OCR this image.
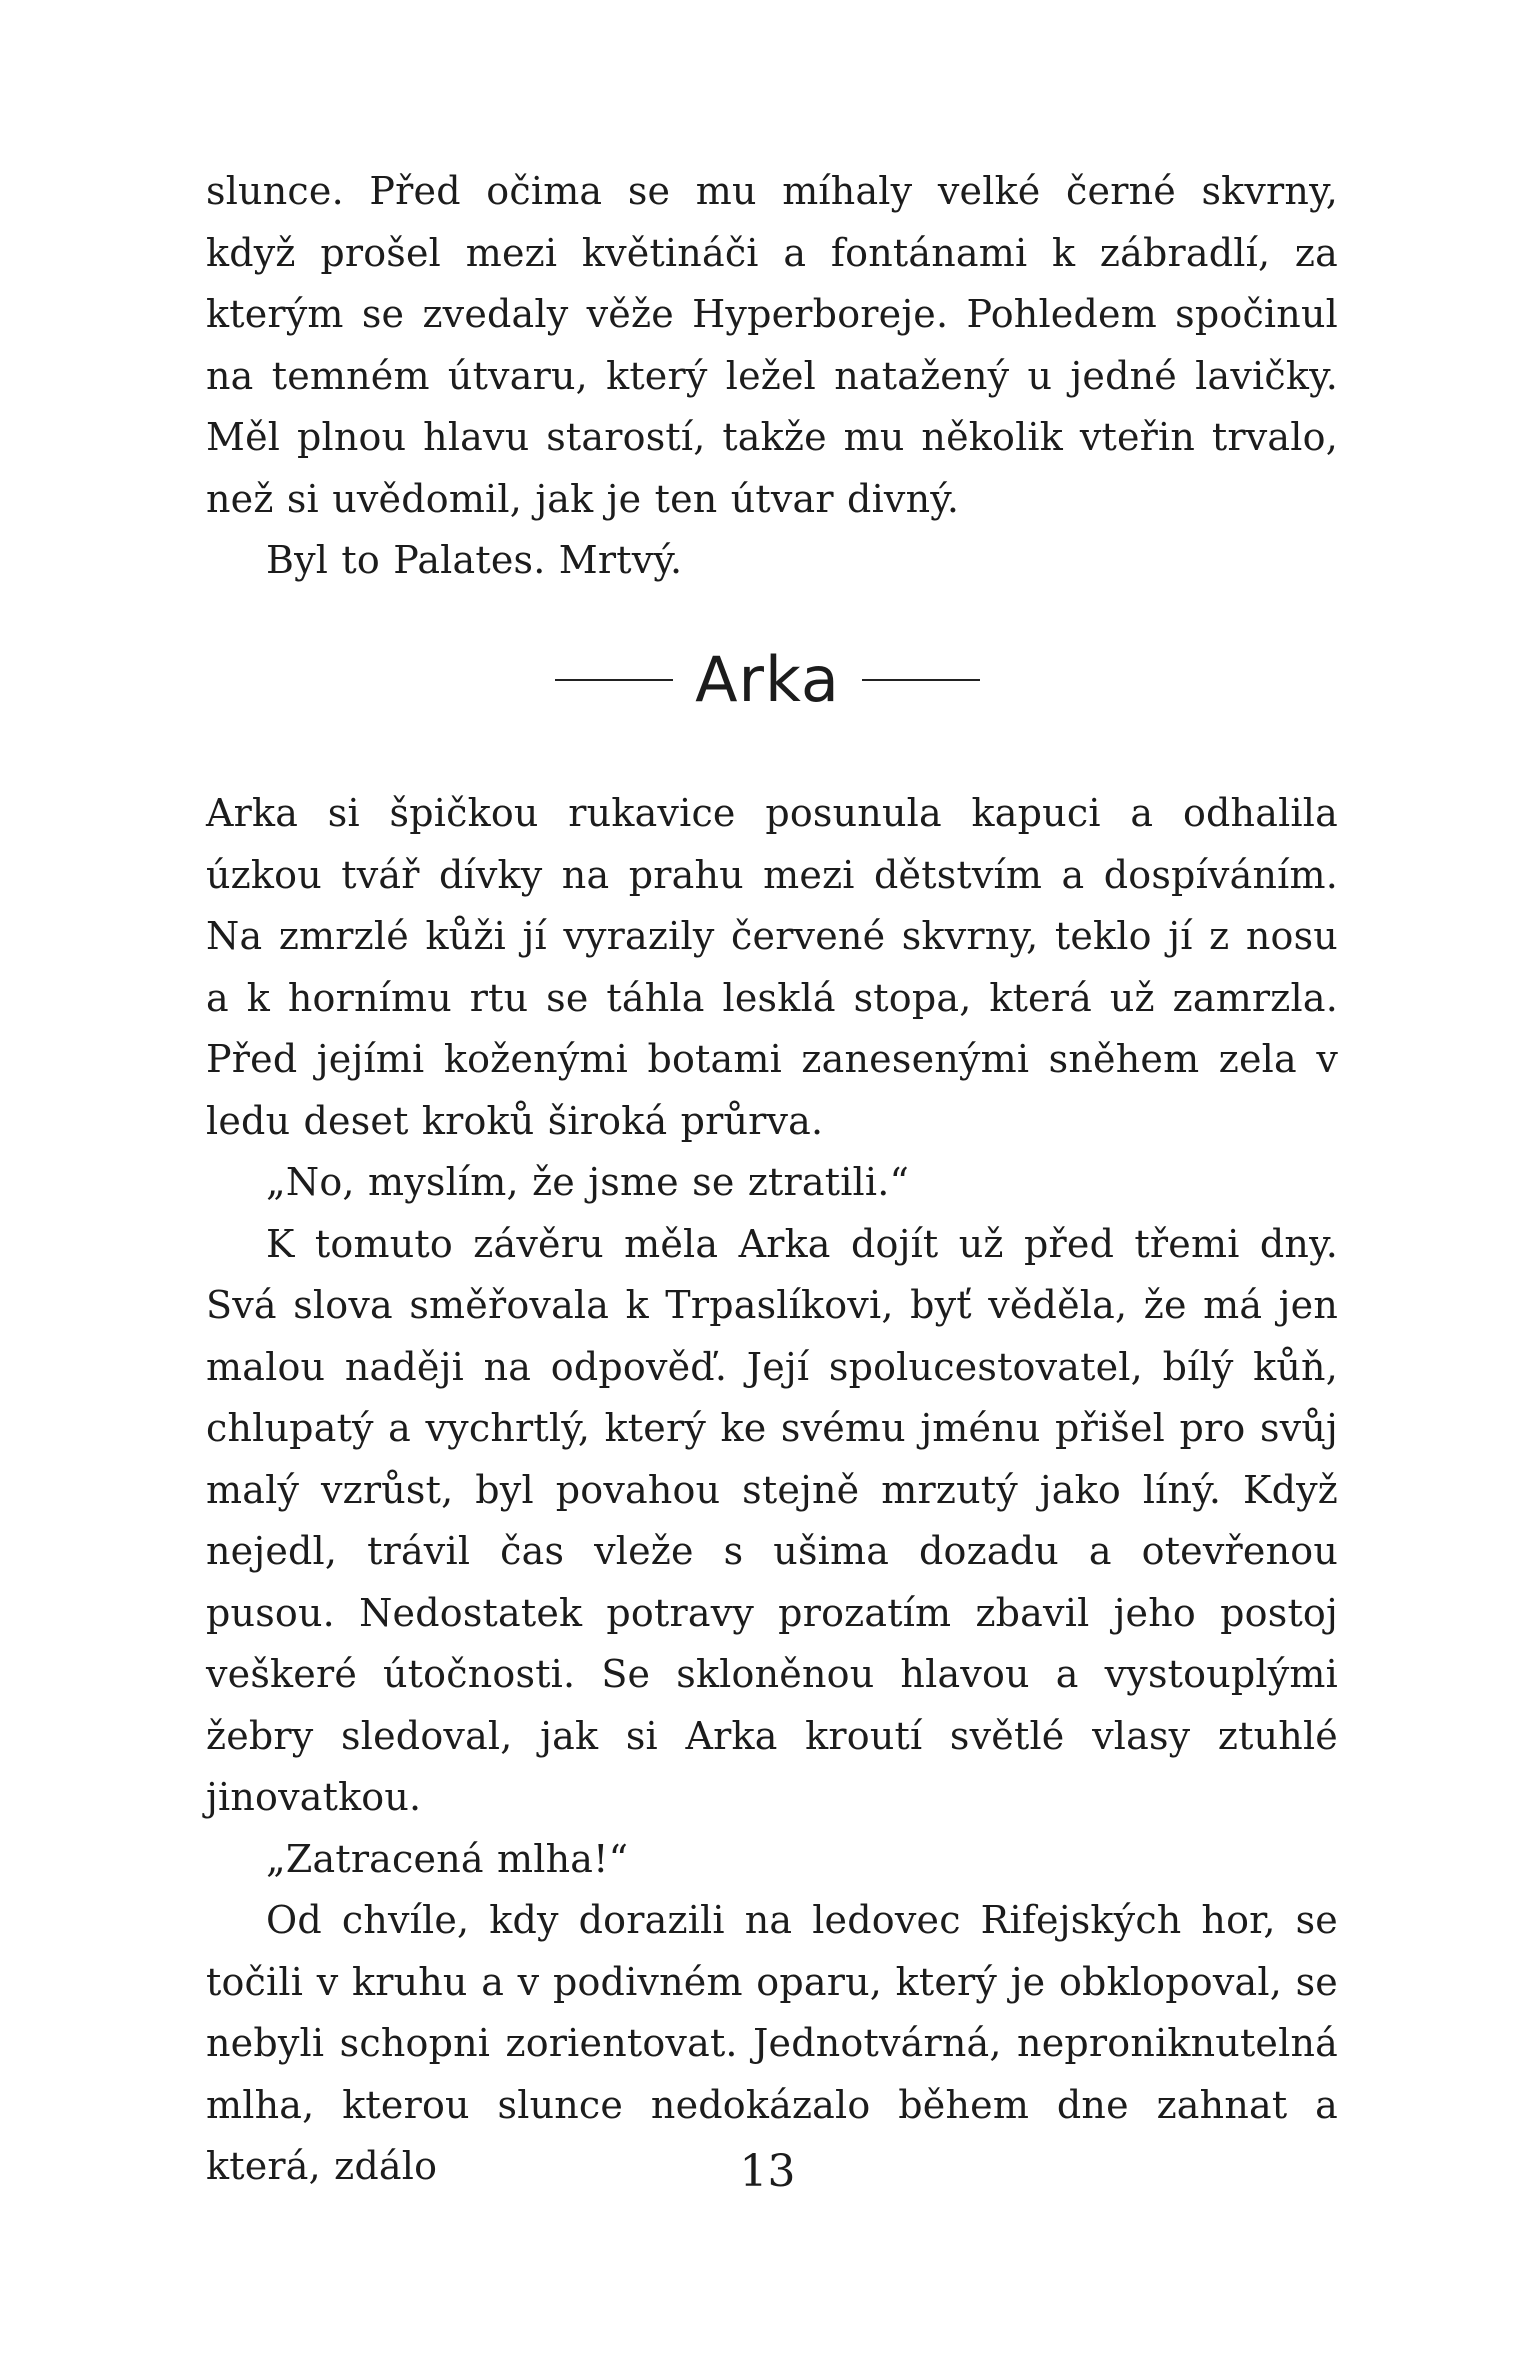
slunce. Před očima se mu míhaly velké černé skvrny, když prošel mezi květináči a fontánami k zábradlí, za kterým se zvedaly věže Hyperboreje. Pohledem spočinul na temném útvaru, který ležel natažený u jedné lavičky. Měl plnou hlavu starostí, takže mu několik vteřin trvalo, než si uvědomil, jak je ten útvar divný.

Byl to Palates. Mrtvý.

Arka

Arka si špičkou rukavice posunula kapuci a odhalila úzkou tvář dívky na prahu mezi dětstvím a dospíváním. Na zmrzlé kůži jí vyrazily červené skvrny, teklo jí z nosu a k hornímu rtu se táhla lesklá stopa, která už zamrzla. Před jejími koženými botami zanesenými sněhem zela v ledu deset kroků široká průrva.

„No, myslím, že jsme se ztratili.“

K tomuto závěru měla Arka dojít už před třemi dny. Svá slova směřovala k Trpaslíkovi, byť věděla, že má jen malou naději na odpověď. Její spolucestovatel, bílý kůň, chlupatý a vychrtlý, který ke svému jménu přišel pro svůj malý vzrůst, byl povahou stejně mrzutý jako líný. Když nejedl, trávil čas vleže s ušima dozadu a otevřenou pusou. Nedostatek potravy prozatím zbavil jeho postoj veškeré útočnosti. Se skloněnou hlavou a vystouplými žebry sledoval, jak si Arka kroutí světlé vlasy ztuhlé jinovatkou.

„Zatracená mlha!“

Od chvíle, kdy dorazili na ledovec Rifejských hor, se točili v kruhu a v podivném oparu, který je obklopoval, se nebyli schopni zorientovat. Jednotvárná, neproniknutelná mlha, kterou slunce nedokázalo během dne zahnat a která, zdálo	13
